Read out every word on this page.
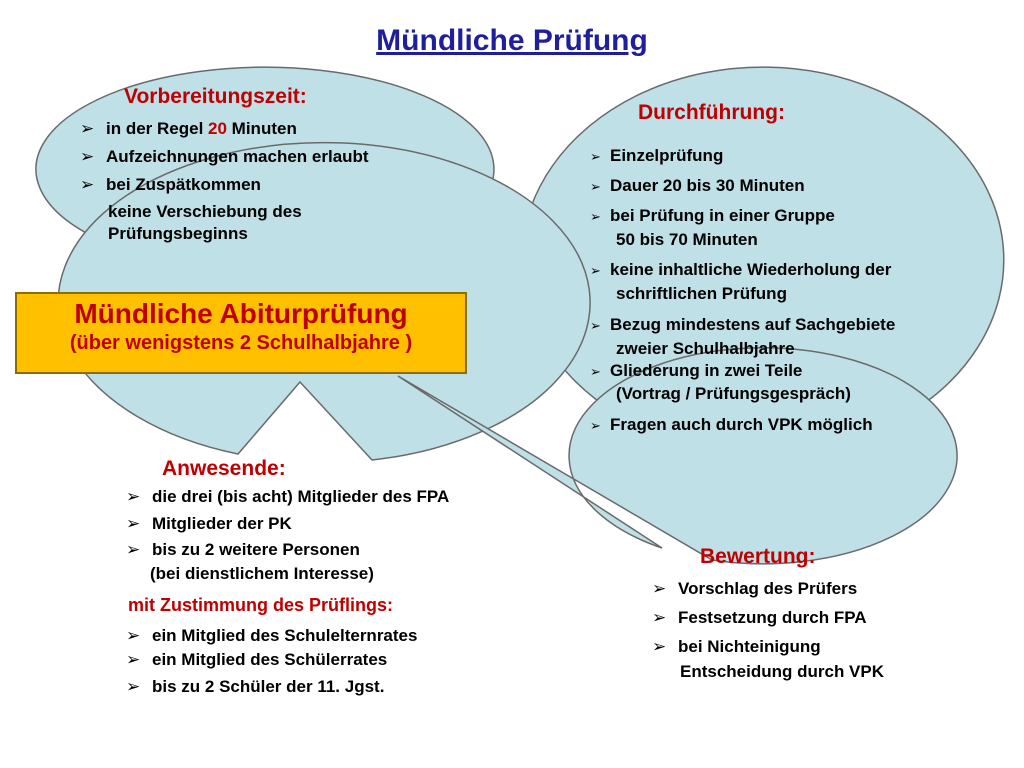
Mündliche Prüfung
Mündliche Abiturprüfung
(über wenigstens 2 Schulhalbjahre )
Vorbereitungszeit:
➢ in der Regel 20 Minuten
➢ Aufzeichnungen machen erlaubt
➢ bei Zuspätkommen
keine Verschiebung des
Prüfungsbeginns
Durchführung:
➢ Einzelprüfung
➢ Dauer 20 bis 30 Minuten
➢ bei Prüfung in einer Gruppe
50 bis 70 Minuten
➢ keine inhaltliche Wiederholung der
schriftlichen Prüfung
➢ Bezug mindestens auf Sachgebiete
zweier Schulhalbjahre
➢ Gliederung in zwei Teile
(Vortrag / Prüfungsgespräch)
➢ Fragen auch durch VPK möglich
Anwesende:
➢ die drei (bis acht) Mitglieder des FPA
➢ Mitglieder der PK
➢ bis zu 2 weitere Personen
(bei dienstlichem Interesse)
mit Zustimmung des Prüflings:
➢ ein Mitglied des Schulelternrates
➢ ein Mitglied des Schülerrates
➢ bis zu 2 Schüler der 11. Jgst.
Bewertung:
➢ Vorschlag des Prüfers
➢ Festsetzung durch FPA
➢ bei Nichteinigung
Entscheidung durch VPK
